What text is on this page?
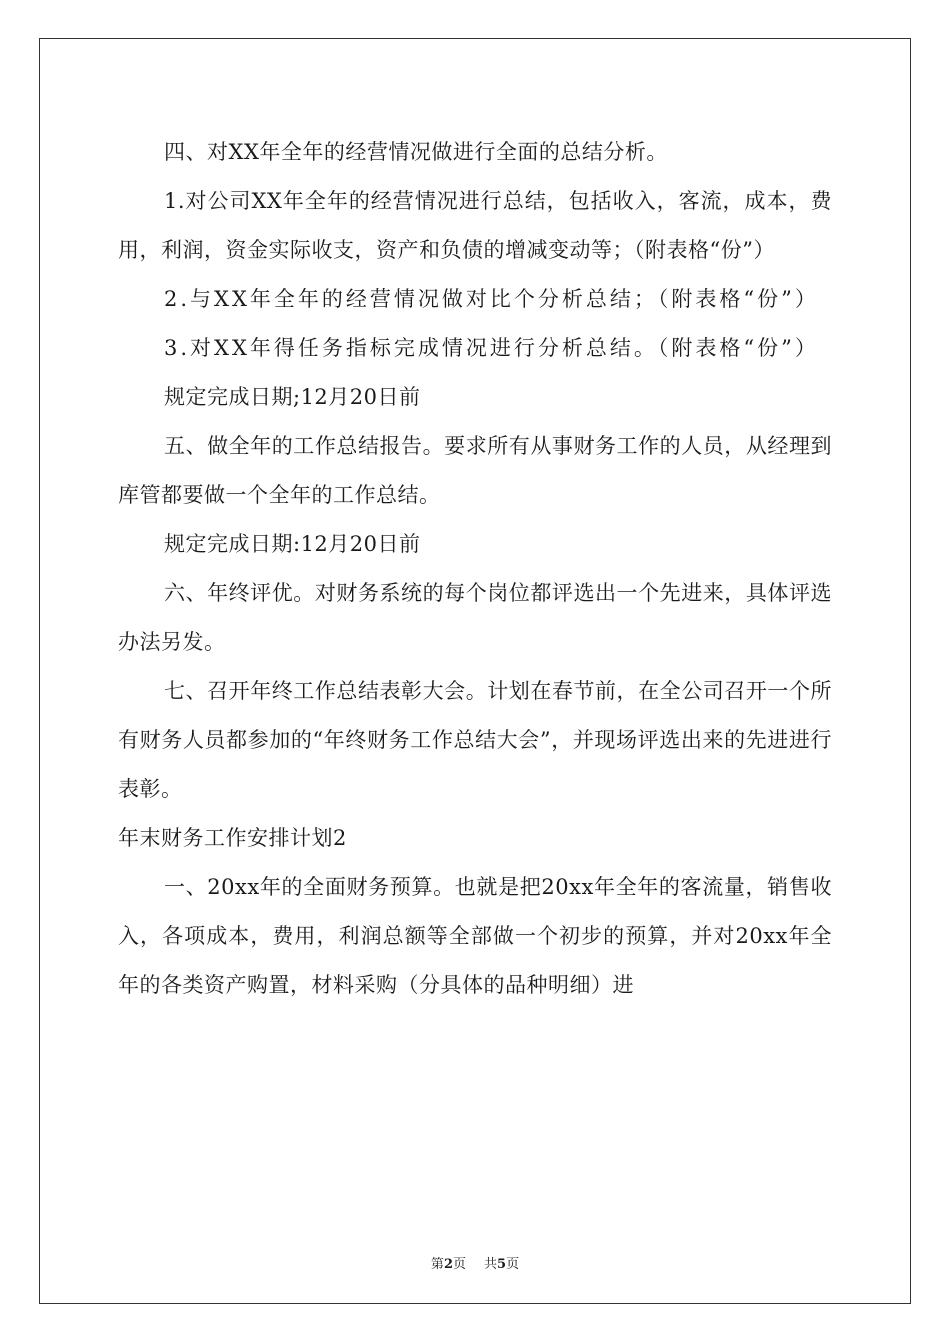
四、对XX年全年的经营情况做进行全面的总结分析。

1.对公司XX年全年的经营情况进行总结，包括收入，客流，成本，费用，利润，资金实际收支，资产和负债的增减变动等；（附表格“份”）

2.与XX年全年的经营情况做对比个分析总结；（附表格“份”）

3.对XX年得任务指标完成情况进行分析总结。（附表格“份”）

规定完成日期;12月20日前

五、做全年的工作总结报告。要求所有从事财务工作的人员，从经理到库管都要做一个全年的工作总结。

规定完成日期:12月20日前

六、年终评优。对财务系统的每个岗位都评选出一个先进来，具体评选办法另发。

七、召开年终工作总结表彰大会。计划在春节前，在全公司召开一个所有财务人员都参加的“年终财务工作总结大会”，并现场评选出来的先进进行表彰。

年末财务工作安排计划2

一、20xx年的全面财务预算。也就是把20xx年全年的客流量，销售收入，各项成本，费用，利润总额等全部做一个初步的预算，并对20xx年全年的各类资产购置，材料采购（分具体的品种明细）进

第2页 共5页
